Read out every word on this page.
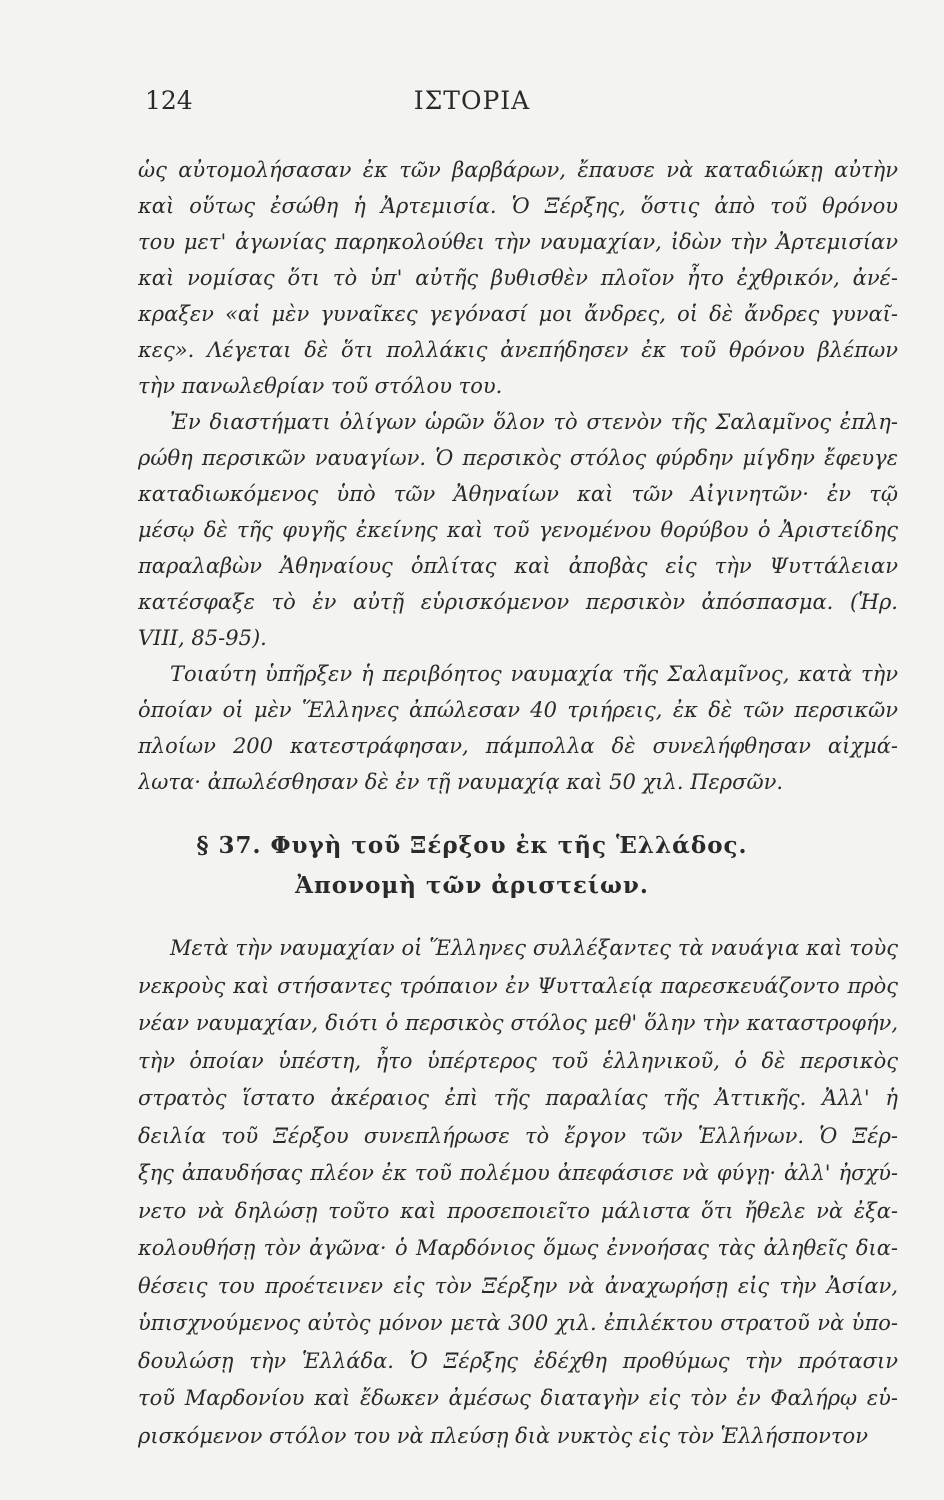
124	ΙΣΤΟΡΙΑ
ὡς αὐτομολήσασαν ἐκ τῶν βαρβάρων, ἔπαυσε νὰ καταδιώκῃ αὐτὴν
καὶ οὕτως ἐσώθη ἡ Ἀρτεμισία. Ὁ Ξέρξης, ὅστις ἀπὸ τοῦ θρόνου
του μετ' ἀγωνίας παρηκολούθει τὴν ναυμαχίαν, ἰδὼν τὴν Ἀρτεμισίαν
καὶ νομίσας ὅτι τὸ ὑπ' αὐτῆς βυθισθὲν πλοῖον ἦτο ἐχθρικόν, ἀνέ-
κραξεν «αἱ μὲν γυναῖκες γεγόνασί μοι ἄνδρες, οἱ δὲ ἄνδρες γυναῖ-
κες». Λέγεται δὲ ὅτι πολλάκις ἀνεπήδησεν ἐκ τοῦ θρόνου βλέπων
τὴν πανωλεθρίαν τοῦ στόλου του.
Ἐν διαστήματι ὀλίγων ὡρῶν ὅλον τὸ στενὸν τῆς Σαλαμῖνος ἐπλη-
ρώθη περσικῶν ναυαγίων. Ὁ περσικὸς στόλος φύρδην μίγδην ἔφευγε
καταδιωκόμενος ὑπὸ τῶν Ἀθηναίων καὶ τῶν Αἰγινητῶν· ἐν τῷ
μέσῳ δὲ τῆς φυγῆς ἐκείνης καὶ τοῦ γενομένου θορύβου ὁ Ἀριστείδης
παραλαβὼν Ἀθηναίους ὁπλίτας καὶ ἀποβὰς εἰς τὴν Ψυττάλειαν
κατέσφαξε τὸ ἐν αὐτῇ εὑρισκόμενον περσικὸν ἀπόσπασμα. (Ἡρ.
VIII, 85-95).
Τοιαύτη ὑπῆρξεν ἡ περιβόητος ναυμαχία τῆς Σαλαμῖνος, κατὰ τὴν
ὁποίαν οἱ μὲν Ἕλληνες ἀπώλεσαν 40 τριήρεις, ἐκ δὲ τῶν περσικῶν
πλοίων 200 κατεστράφησαν, πάμπολλα δὲ συνελήφθησαν αἰχμά-
λωτα· ἀπωλέσθησαν δὲ ἐν τῇ ναυμαχίᾳ καὶ 50 χιλ. Περσῶν.
§ 37. Φυγὴ τοῦ Ξέρξου ἐκ τῆς Ἑλλάδος.
Ἀπονομὴ τῶν ἀριστείων.
Μετὰ τὴν ναυμαχίαν οἱ Ἕλληνες συλλέξαντες τὰ ναυάγια καὶ τοὺς
νεκροὺς καὶ στήσαντες τρόπαιον ἐν Ψυτταλείᾳ παρεσκευάζοντο πρὸς
νέαν ναυμαχίαν, διότι ὁ περσικὸς στόλος μεθ' ὅλην τὴν καταστροφήν,
τὴν ὁποίαν ὑπέστη, ἦτο ὑπέρτερος τοῦ ἑλληνικοῦ, ὁ δὲ περσικὸς
στρατὸς ἵστατο ἀκέραιος ἐπὶ τῆς παραλίας τῆς Ἀττικῆς. Ἀλλ' ἡ
δειλία τοῦ Ξέρξου συνεπλήρωσε τὸ ἔργον τῶν Ἑλλήνων. Ὁ Ξέρ-
ξης ἀπαυδήσας πλέον ἐκ τοῦ πολέμου ἀπεφάσισε νὰ φύγῃ· ἀλλ' ἠσχύ-
νετο νὰ δηλώσῃ τοῦτο καὶ προσεποιεῖτο μάλιστα ὅτι ἤθελε νὰ ἐξα-
κολουθήσῃ τὸν ἀγῶνα· ὁ Μαρδόνιος ὅμως ἐννοήσας τὰς ἀληθεῖς δια-
θέσεις του προέτεινεν εἰς τὸν Ξέρξην νὰ ἀναχωρήσῃ εἰς τὴν Ἀσίαν,
ὑπισχνούμενος αὐτὸς μόνον μετὰ 300 χιλ. ἐπιλέκτου στρατοῦ νὰ ὑπο-
δουλώσῃ τὴν Ἑλλάδα. Ὁ Ξέρξης ἐδέχθη προθύμως τὴν πρότασιν
τοῦ Μαρδονίου καὶ ἔδωκεν ἀμέσως διαταγὴν εἰς τὸν ἐν Φαλήρῳ εὑ-
ρισκόμενον στόλον του νὰ πλεύσῃ διὰ νυκτὸς εἰς τὸν Ἑλλήσποντον
